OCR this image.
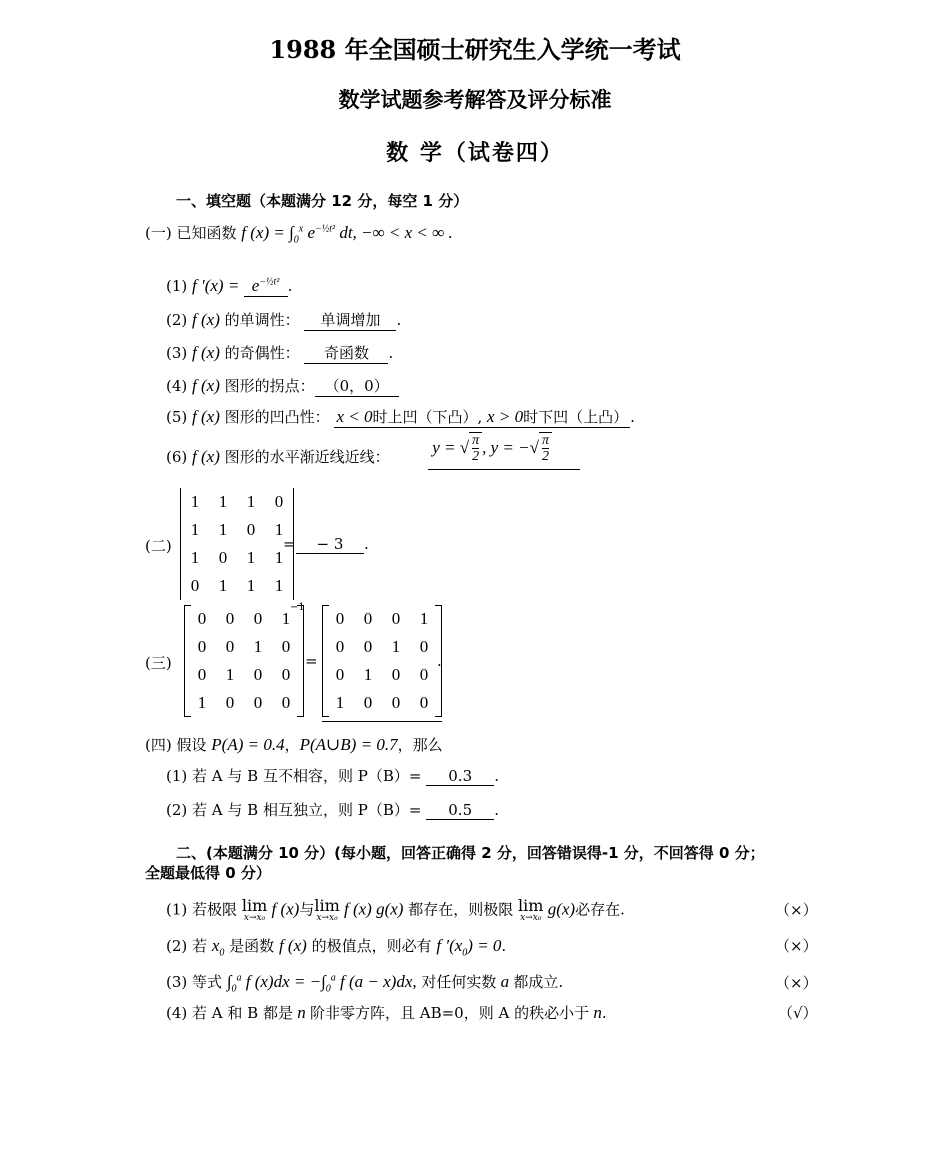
1988 年全国硕士研究生入学统一考试
数学试题参考解答及评分标准
数 学（试卷四）
一、填空题（本题满分 12 分，每空 1 分）
(一) 已知函数 f $(x) = \int_0^x$ $e^{-\frac{1}{2}t^2}$ dt, −∞ < x < ∞ .
(1) f $'(x) = e^{-\frac{1}{2}t^2}$ .
(2) f (x) 的单调性： 单调增加 .
(3) f (x) 的奇偶性： 奇函数 .
(4) f (x) 图形的拐点： （0，0）
(5) f (x) 图形的凹凸性： x < 0时上凹（下凸）, x > 0时下凹（上凸） .
(6) f (x) 图形的水平渐近线近线：
y = √ $\frac{\pi}{2}$ , y = −√ $\frac{\pi}{2}$
(二)
1	1	1	0
1	1	0	1
1	0	1	1
0	1	1	1
=	− 3 .
(三)
0	0	0	1
0	0	1	0
0	1	0	0
1	0	0	0
−1
=
0	0	0	1
0	0	1	0
0	1	0	0
1	0	0	0
.
(四) 假设 P(A) = 0.4，P(A∪B) = 0.7，那么
(1) 若 A 与 B 互不相容，则 P（B）= 0.3 .
(2) 若 A 与 B 相互独立，则 P（B）= 0.5 .
二、(本题满分 10 分）(每小题，回答正确得 2 分，回答错误得-1 分，不回答得 0 分；
全题最低得 0 分）
(1) 若极限 lim
x→x₀ f (x)与lim
x→x₀ f (x) g(x) 都存在，则极限 lim
x→x₀ g(x)必存在.	（×）
(2) 若 $x_0$ 是函数 f (x) 的极值点，则必有 f $'(x_0) = 0$.	（×）
(3) 等式 $\int_0^a$ f $(x)dx = -\int_0^a$ f (a − x)dx, 对任何实数 a 都成立.	（×）
(4) 若 A 和 B 都是 n 阶非零方阵，且 AB=0，则 A 的秩必小于 n.	（√）
